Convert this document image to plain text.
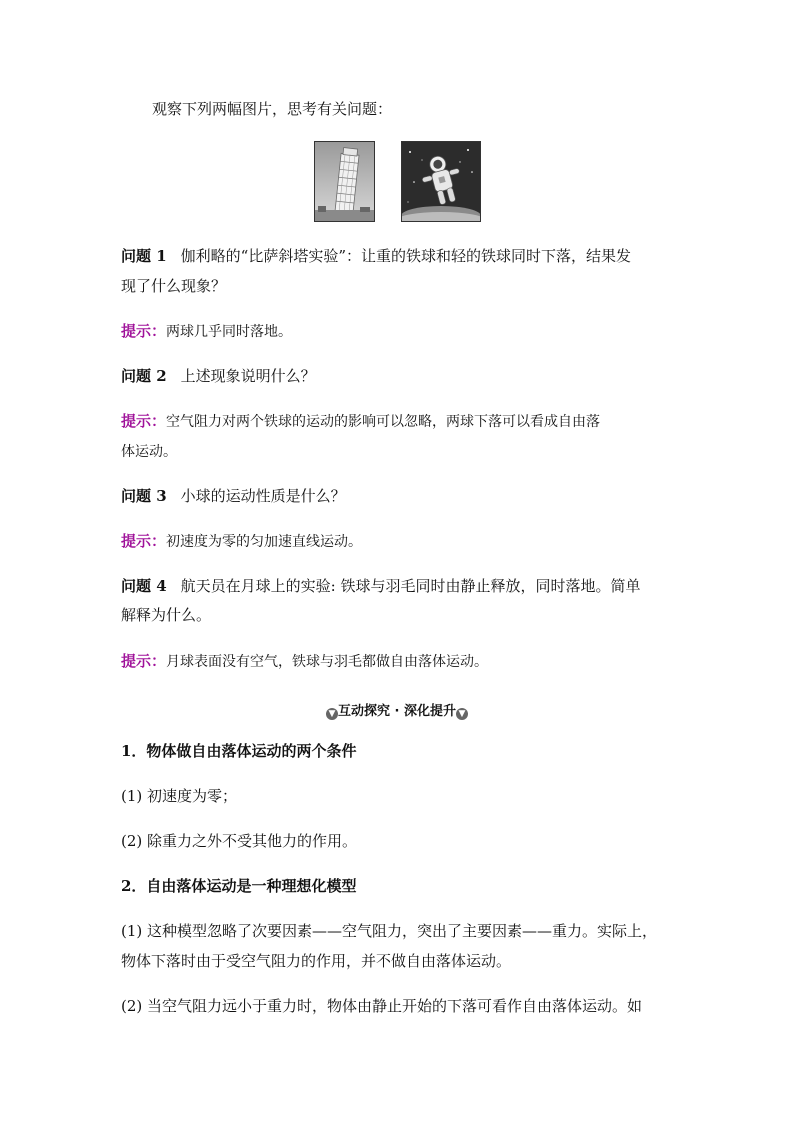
观察下列两幅图片，思考有关问题：
问题 1 伽利略的“比萨斜塔实验”：让重的铁球和轻的铁球同时下落，结果发
现了什么现象？
提示：两球几乎同时落地。
问题 2 上述现象说明什么？
提示：空气阻力对两个铁球的运动的影响可以忽略，两球下落可以看成自由落
体运动。
问题 3 小球的运动性质是什么？
提示：初速度为零的匀加速直线运动。
问题 4 航天员在月球上的实验: 铁球与羽毛同时由静止释放，同时落地。简单
解释为什么。
提示：月球表面没有空气，铁球与羽毛都做自由落体运动。
▼ 互动探究 · 深化提升 ▼
1．物体做自由落体运动的两个条件
(1) 初速度为零；
(2) 除重力之外不受其他力的作用。
2．自由落体运动是一种理想化模型
(1) 这种模型忽略了次要因素——空气阻力，突出了主要因素——重力。实际上，
物体下落时由于受空气阻力的作用，并不做自由落体运动。
(2) 当空气阻力远小于重力时，物体由静止开始的下落可看作自由落体运动。如
